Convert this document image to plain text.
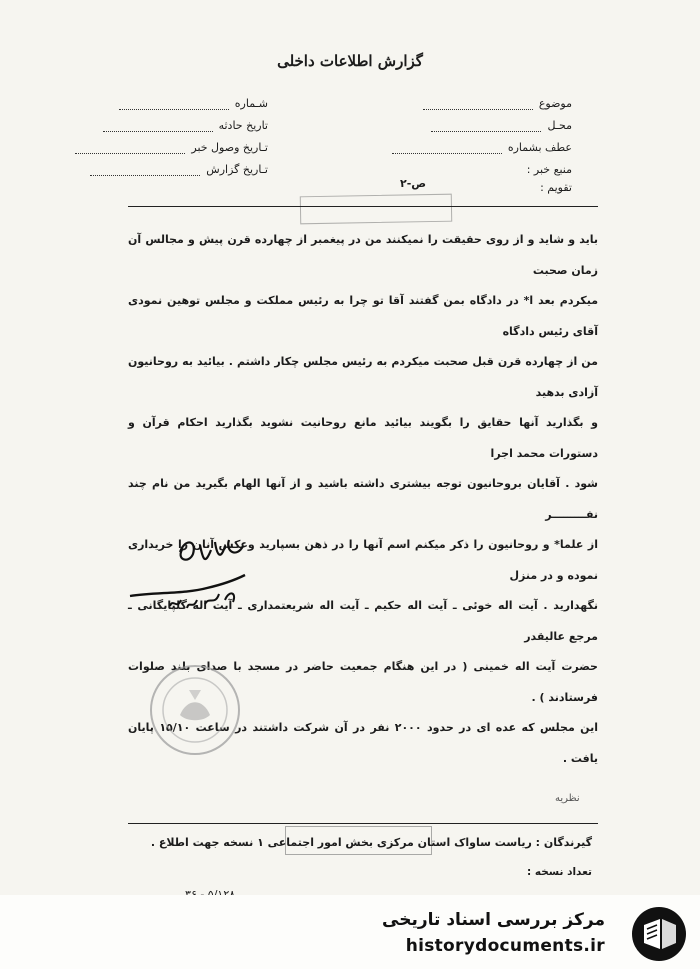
گزارش اطلاعات داخلی
موضوع
محـل
عطف بشماره
منبع خبر :
تقویم :
ص-۲
شـماره
تاریخ حادثه
تـاریخ وصول خبر
تـاریخ گزارش

باید و شاید و از روی حقیقت را نمیکنند من در پیغمبر از چهارده قرن پیش و مجالس آن زمان صحبت

میکردم بعد ا* در دادگاه بمن گفتند آقا تو چرا به رئیس مملکت و مجلس توهین نمودی آقای رئیس دادگاه

من از چهارده قرن قبل صحبت میکردم به رئیس مجلس چکار داشتم . بیائید به روحانیون آزادی بدهید

و بگذارید آنها حقایق را بگویند بیائید مانع روحانیت نشوید بگذارید احکام قرآن و دستورات محمد اجرا

شود . آقایان بروحانیون توجه بیشتری داشته باشید و از آنها الهام بگیرید من نام چند نفـــــــــر

از علما* و روحانیون را ذکر میکنم اسم آنها را در ذهن بسپارید وعکس آنان را خریداری نموده و در منزل

نگهدارید . آیت اله خوئی ـ آیت اله حکیم ـ آیت اله شریعتمداری ـ آیت اله گلپایگانی ـ مرجع عالیقدر

حضرت آیت اله خمینی ( در این هنگام جمعیت حاضر در مسجد با صدای بلند صلوات فرستادند ) .

این مجلس که عده ای در حدود ۲۰۰۰ نفر در آن شرکت داشتند در ساعت ۱۵/۱۰ پایان یافت .

نظریه
گیرندگان : ریاست ساواک استان مرکزی بخش امور اجتماعی ۱ نسخه جهت اطلاع .
تعداد نسخه :
مرکز بررسی اسناد تاریخی
historydocuments.ir
